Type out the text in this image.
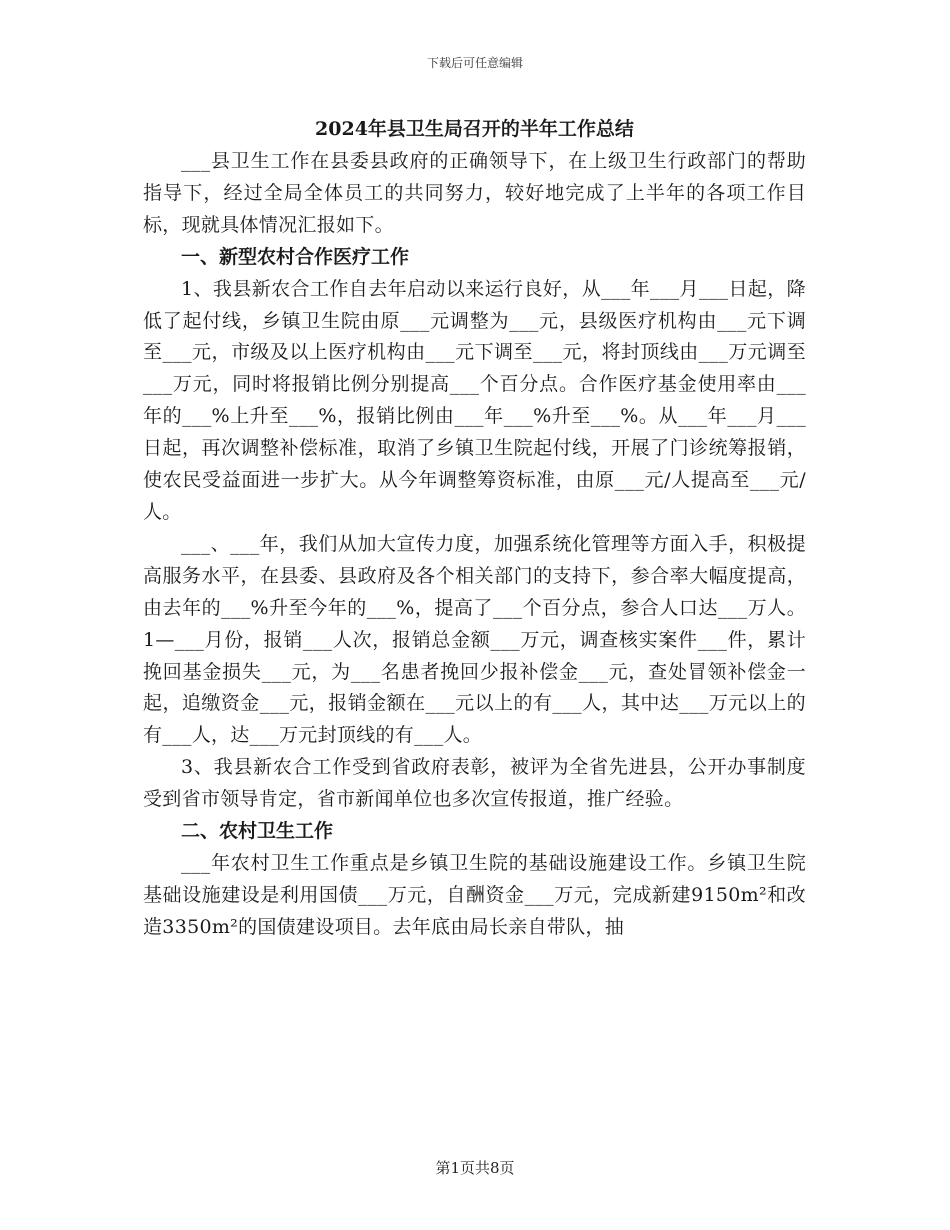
下载后可任意编辑
2024年县卫生局召开的半年工作总结

___县卫生工作在县委县政府的正确领导下，在上级卫生行政部门的帮助指导下，经过全局全体员工的共同努力，较好地完成了上半年的各项工作目标，现就具体情况汇报如下。

一、新型农村合作医疗工作

1、我县新农合工作自去年启动以来运行良好，从___年___月___日起，降低了起付线，乡镇卫生院由原___元调整为___元，县级医疗机构由___元下调至___元，市级及以上医疗机构由___元下调至___元，将封顶线由___万元调至___万元，同时将报销比例分别提高___个百分点。合作医疗基金使用率由___年的___%上升至___%，报销比例由___年___%升至___%。从___年___月___日起，再次调整补偿标准，取消了乡镇卫生院起付线，开展了门诊统筹报销，使农民受益面进一步扩大。从今年调整筹资标准，由原___元/人提高至___元/人。

___、___年，我们从加大宣传力度，加强系统化管理等方面入手，积极提高服务水平，在县委、县政府及各个相关部门的支持下，参合率大幅度提高，由去年的___%升至今年的___%，提高了___个百分点，参合人口达___万人。1—___月份，报销___人次，报销总金额___万元，调查核实案件___件，累计挽回基金损失___元，为___名患者挽回少报补偿金___元，查处冒领补偿金一起，追缴资金___元，报销金额在___元以上的有___人，其中达___万元以上的有___人，达___万元封顶线的有___人。

3、我县新农合工作受到省政府表彰，被评为全省先进县，公开办事制度受到省市领导肯定，省市新闻单位也多次宣传报道，推广经验。

二、农村卫生工作

___年农村卫生工作重点是乡镇卫生院的基础设施建设工作。乡镇卫生院基础设施建设是利用国债___万元，自酬资金___万元，完成新建9150m²和改造3350m²的国债建设项目。去年底由局长亲自带队，抽

第1页共8页
